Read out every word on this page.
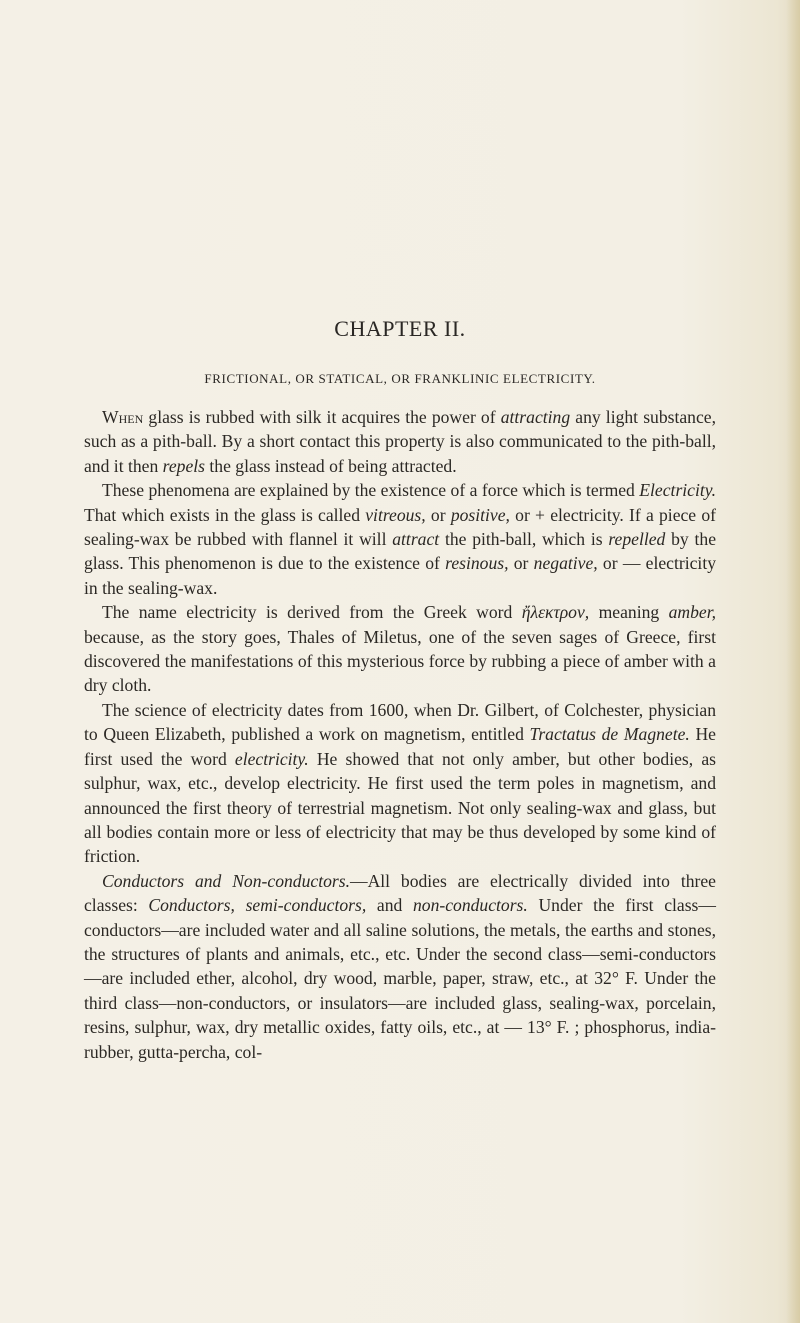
CHAPTER II.
FRICTIONAL, OR STATICAL, OR FRANKLINIC ELECTRICITY.

When glass is rubbed with silk it acquires the power of attracting any light substance, such as a pith-ball. By a short contact this property is also communicated to the pith-ball, and it then repels the glass instead of being attracted.

These phenomena are explained by the existence of a force which is termed Electricity. That which exists in the glass is called vitreous, or positive, or + electricity. If a piece of sealing-wax be rubbed with flannel it will attract the pith-ball, which is repelled by the glass. This phenomenon is due to the existence of resinous, or negative, or — electricity in the sealing-wax.

The name electricity is derived from the Greek word ἤλεκτρον, meaning amber, because, as the story goes, Thales of Miletus, one of the seven sages of Greece, first discovered the manifestations of this mysterious force by rubbing a piece of amber with a dry cloth.

The science of electricity dates from 1600, when Dr. Gilbert, of Colchester, physician to Queen Elizabeth, published a work on magnetism, entitled Tractatus de Magnete. He first used the word electricity. He showed that not only amber, but other bodies, as sulphur, wax, etc., develop electricity. He first used the term poles in magnetism, and announced the first theory of terrestrial magnetism. Not only sealing-wax and glass, but all bodies contain more or less of electricity that may be thus developed by some kind of friction.

Conductors and Non-conductors.—All bodies are electrically divided into three classes: Conductors, semi-conductors, and non-conductors. Under the first class—conductors—are included water and all saline solutions, the metals, the earths and stones, the structures of plants and animals, etc., etc. Under the second class—semi-conductors—are included ether, alcohol, dry wood, marble, paper, straw, etc., at 32° F. Under the third class—non-conductors, or insulators—are included glass, sealing-wax, porcelain, resins, sulphur, wax, dry metallic oxides, fatty oils, etc., at — 13° F. ; phosphorus, india-rubber, gutta-percha, col-
